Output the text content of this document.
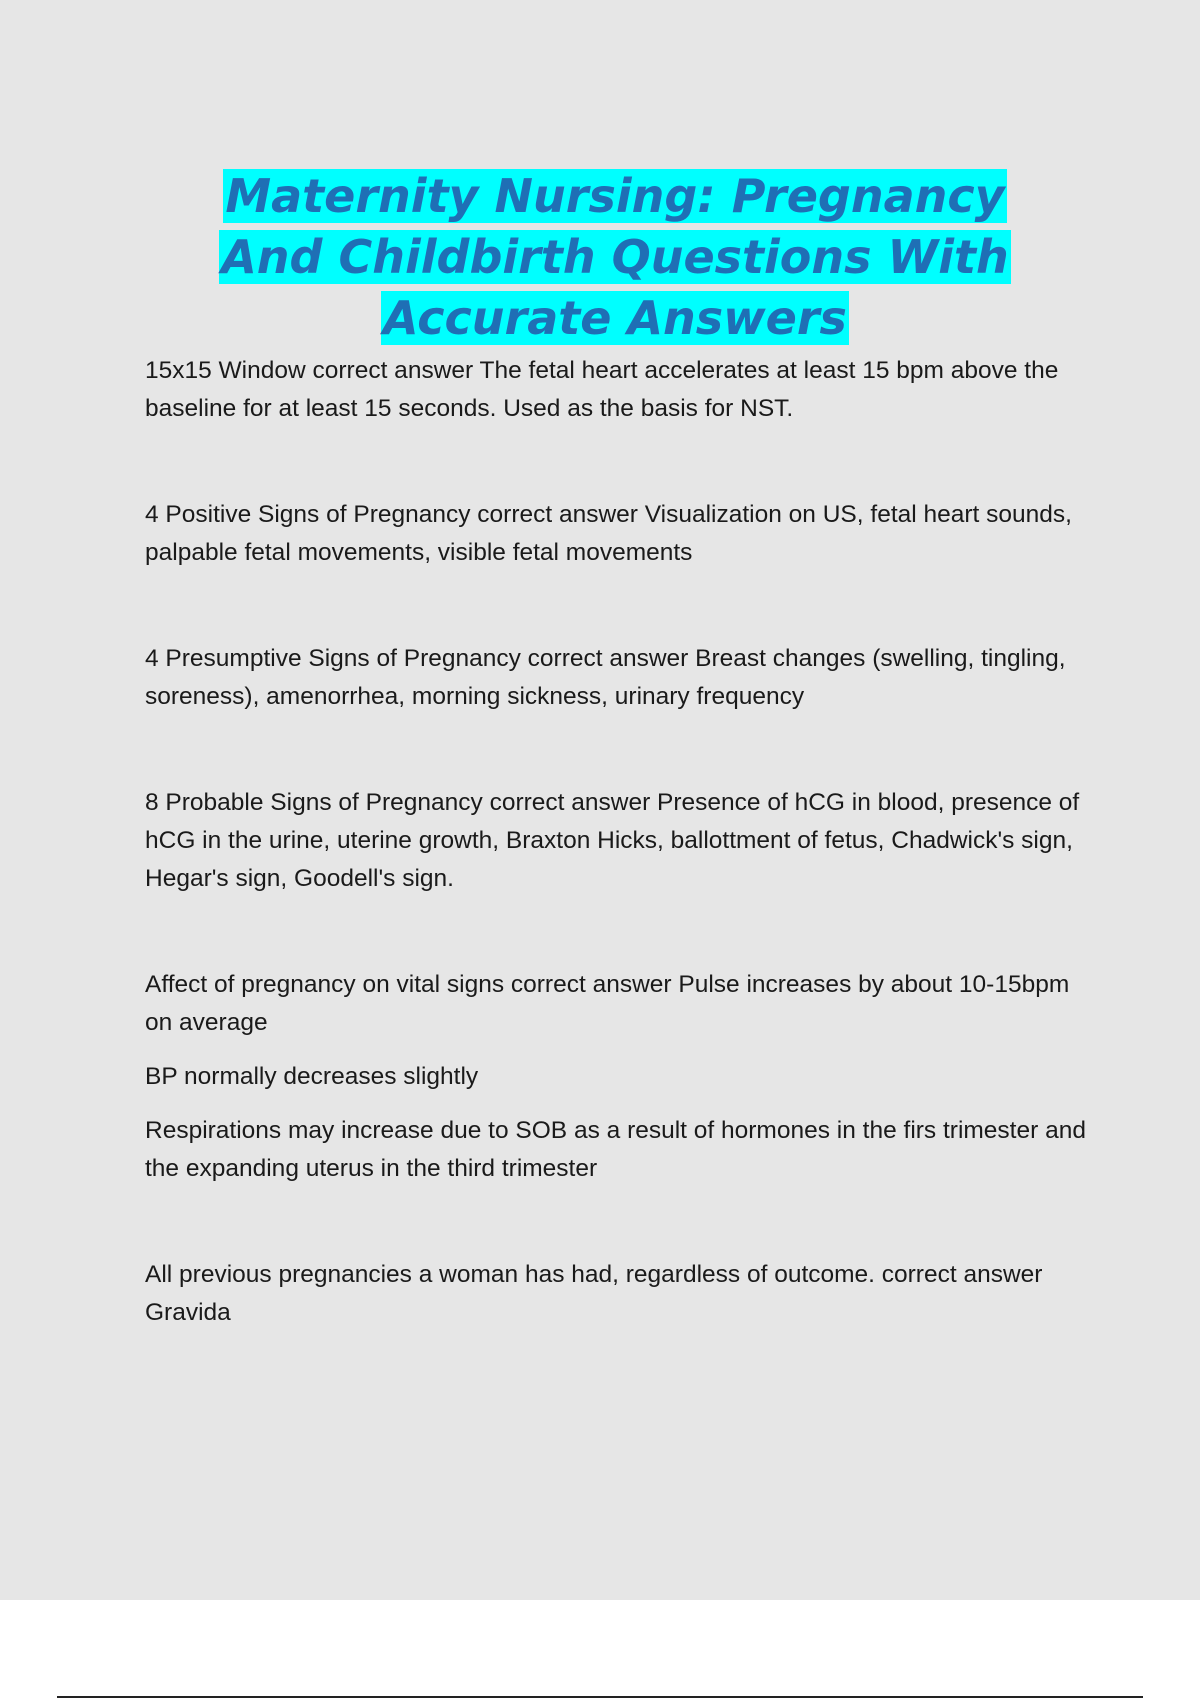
Maternity Nursing: Pregnancy
And Childbirth Questions With
Accurate Answers

15x15 Window correct answer The fetal heart accelerates at least 15 bpm above the baseline for at least 15 seconds. Used as the basis for NST.

4 Positive Signs of Pregnancy correct answer Visualization on US, fetal heart sounds, palpable fetal movements, visible fetal movements

4 Presumptive Signs of Pregnancy correct answer Breast changes (swelling, tingling, soreness), amenorrhea, morning sickness, urinary frequency

8 Probable Signs of Pregnancy correct answer Presence of hCG in blood, presence of hCG in the urine, uterine growth, Braxton Hicks, ballottment of fetus, Chadwick's sign, Hegar's sign, Goodell's sign.

Affect of pregnancy on vital signs correct answer Pulse increases by about 10-15bpm on average

BP normally decreases slightly

Respirations may increase due to SOB as a result of hormones in the firs trimester and the expanding uterus in the third trimester

All previous pregnancies a woman has had, regardless of outcome. correct answer Gravida
